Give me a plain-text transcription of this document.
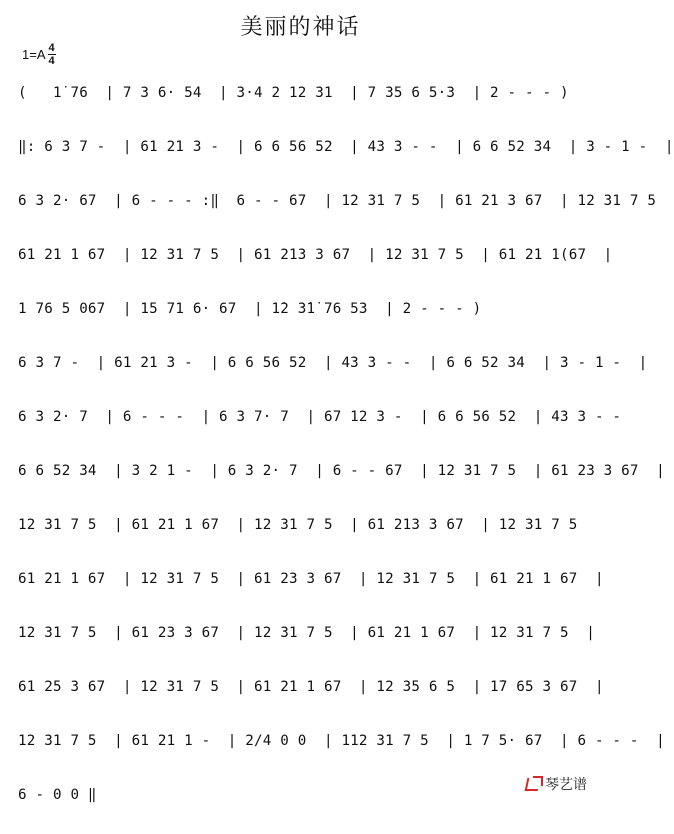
美丽的神话
$1=A \frac{4}{4}$
(   1̇ 76  | 7 3 6· 54  | 3·4 2 12 31  | 7 35 6 5·3  | 2 - - - )
‖: 6 3 7 -  | 61 21 3 -  | 6 6 56 52  | 43 3 - -  | 6 6 52 34  | 3 - 1 -  |
6 3 2· 67  | 6 - - - :‖  6 - - 67  | 12 31 7 5  | 61 21 3 67  | 12 31 7 5
61 21 1 67  | 12 31 7 5  | 61 213 3 67  | 12 31 7 5  | 61 21 1(67  |
1 76 5 067  | 15 71 6· 67  | 1̇2 3̇1̇ 76 53  | 2 - - - )
6 3 7 -  | 61 21 3 -  | 6 6 56 52  | 43 3 - -  | 6 6 52 34  | 3 - 1 -  |
6 3 2· 7  | 6 - - -  | 6 3 7· 7  | 67 12 3 -  | 6 6 56 52  | 43 3 - -
6 6 52 34  | 3 2 1 -  | 6 3 2· 7  | 6 - - 67  | 12 31 7 5  | 61 23 3 67  |
12 31 7 5  | 61 21 1 67  | 12 31 7 5  | 61 213 3 67  | 12 31 7 5
61 21 1 67  | 12 31 7 5  | 61 23 3 67  | 12 31 7 5  | 61 21 1 67  |
12 31 7 5  | 61 23 3 67  | 12 31 7 5  | 61 21 1 67  | 12 31 7 5  |
61 25 3 67  | 12 31 7 5  | 61 21 1 67  | 12 35 6 5  | 1̇7 65 3 67  |
12 31 7 5  | 61 21 1 -  | 2/4 0 0  | 112 31 7 5  | 1 7 5· 67  | 6 - - -  |
6 - 0 0 ‖
琴艺谱
